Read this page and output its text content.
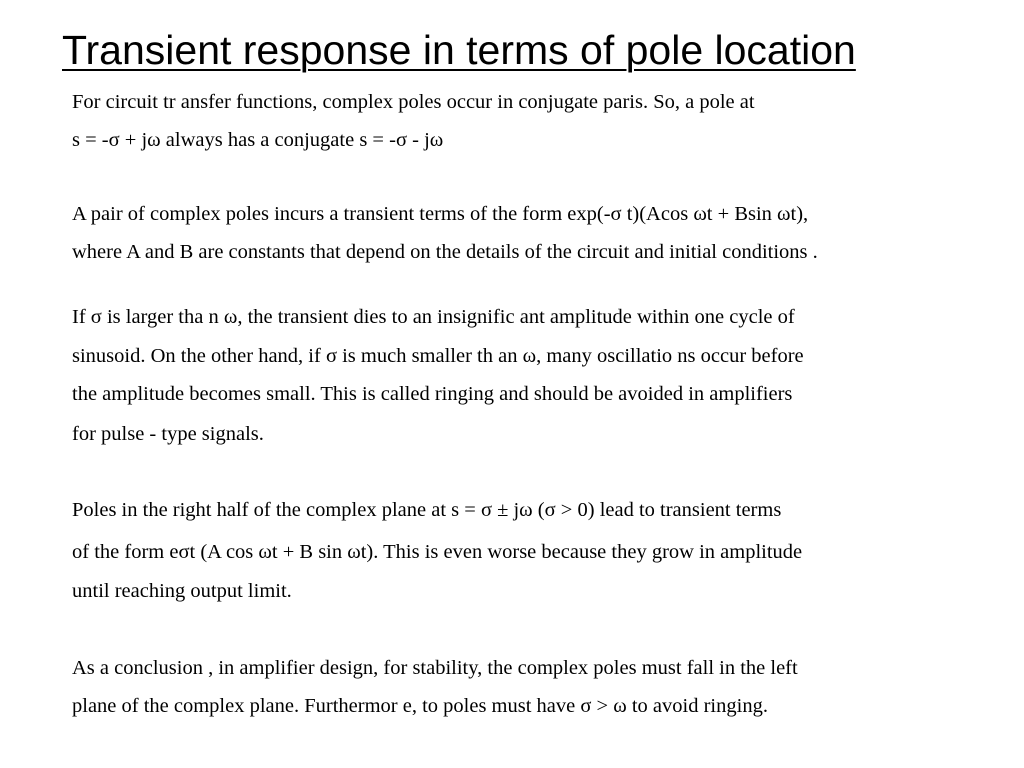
Transient response in terms of pole location

For circuit tr ansfer functions, complex poles occur in conjugate paris. So, a pole at

s = -σ + jω always has a conjugate s = -σ - jω

A pair of complex poles incurs a transient terms of the form exp(-σ t)(Acos ωt + Bsin ωt),

where A and B are constants that depend on the details of the circuit and initial conditions .

If σ is larger tha n ω, the transient dies to an insignific ant amplitude within one cycle of

sinusoid. On the other hand, if σ is much smaller th an ω, many oscillatio ns occur before

the amplitude becomes small. This is called ringing and should be avoided in amplifiers

for pulse - type signals.

Poles in the right half of the complex plane at s = σ ± jω (σ > 0) lead to transient terms

of the form eσt (A cos ωt + B sin ωt). This is even worse because they grow in amplitude

until reaching output limit.

As a conclusion , in amplifier design, for stability, the complex poles must fall in the left

plane of the complex plane. Furthermor e, to poles must have σ > ω to avoid ringing.
